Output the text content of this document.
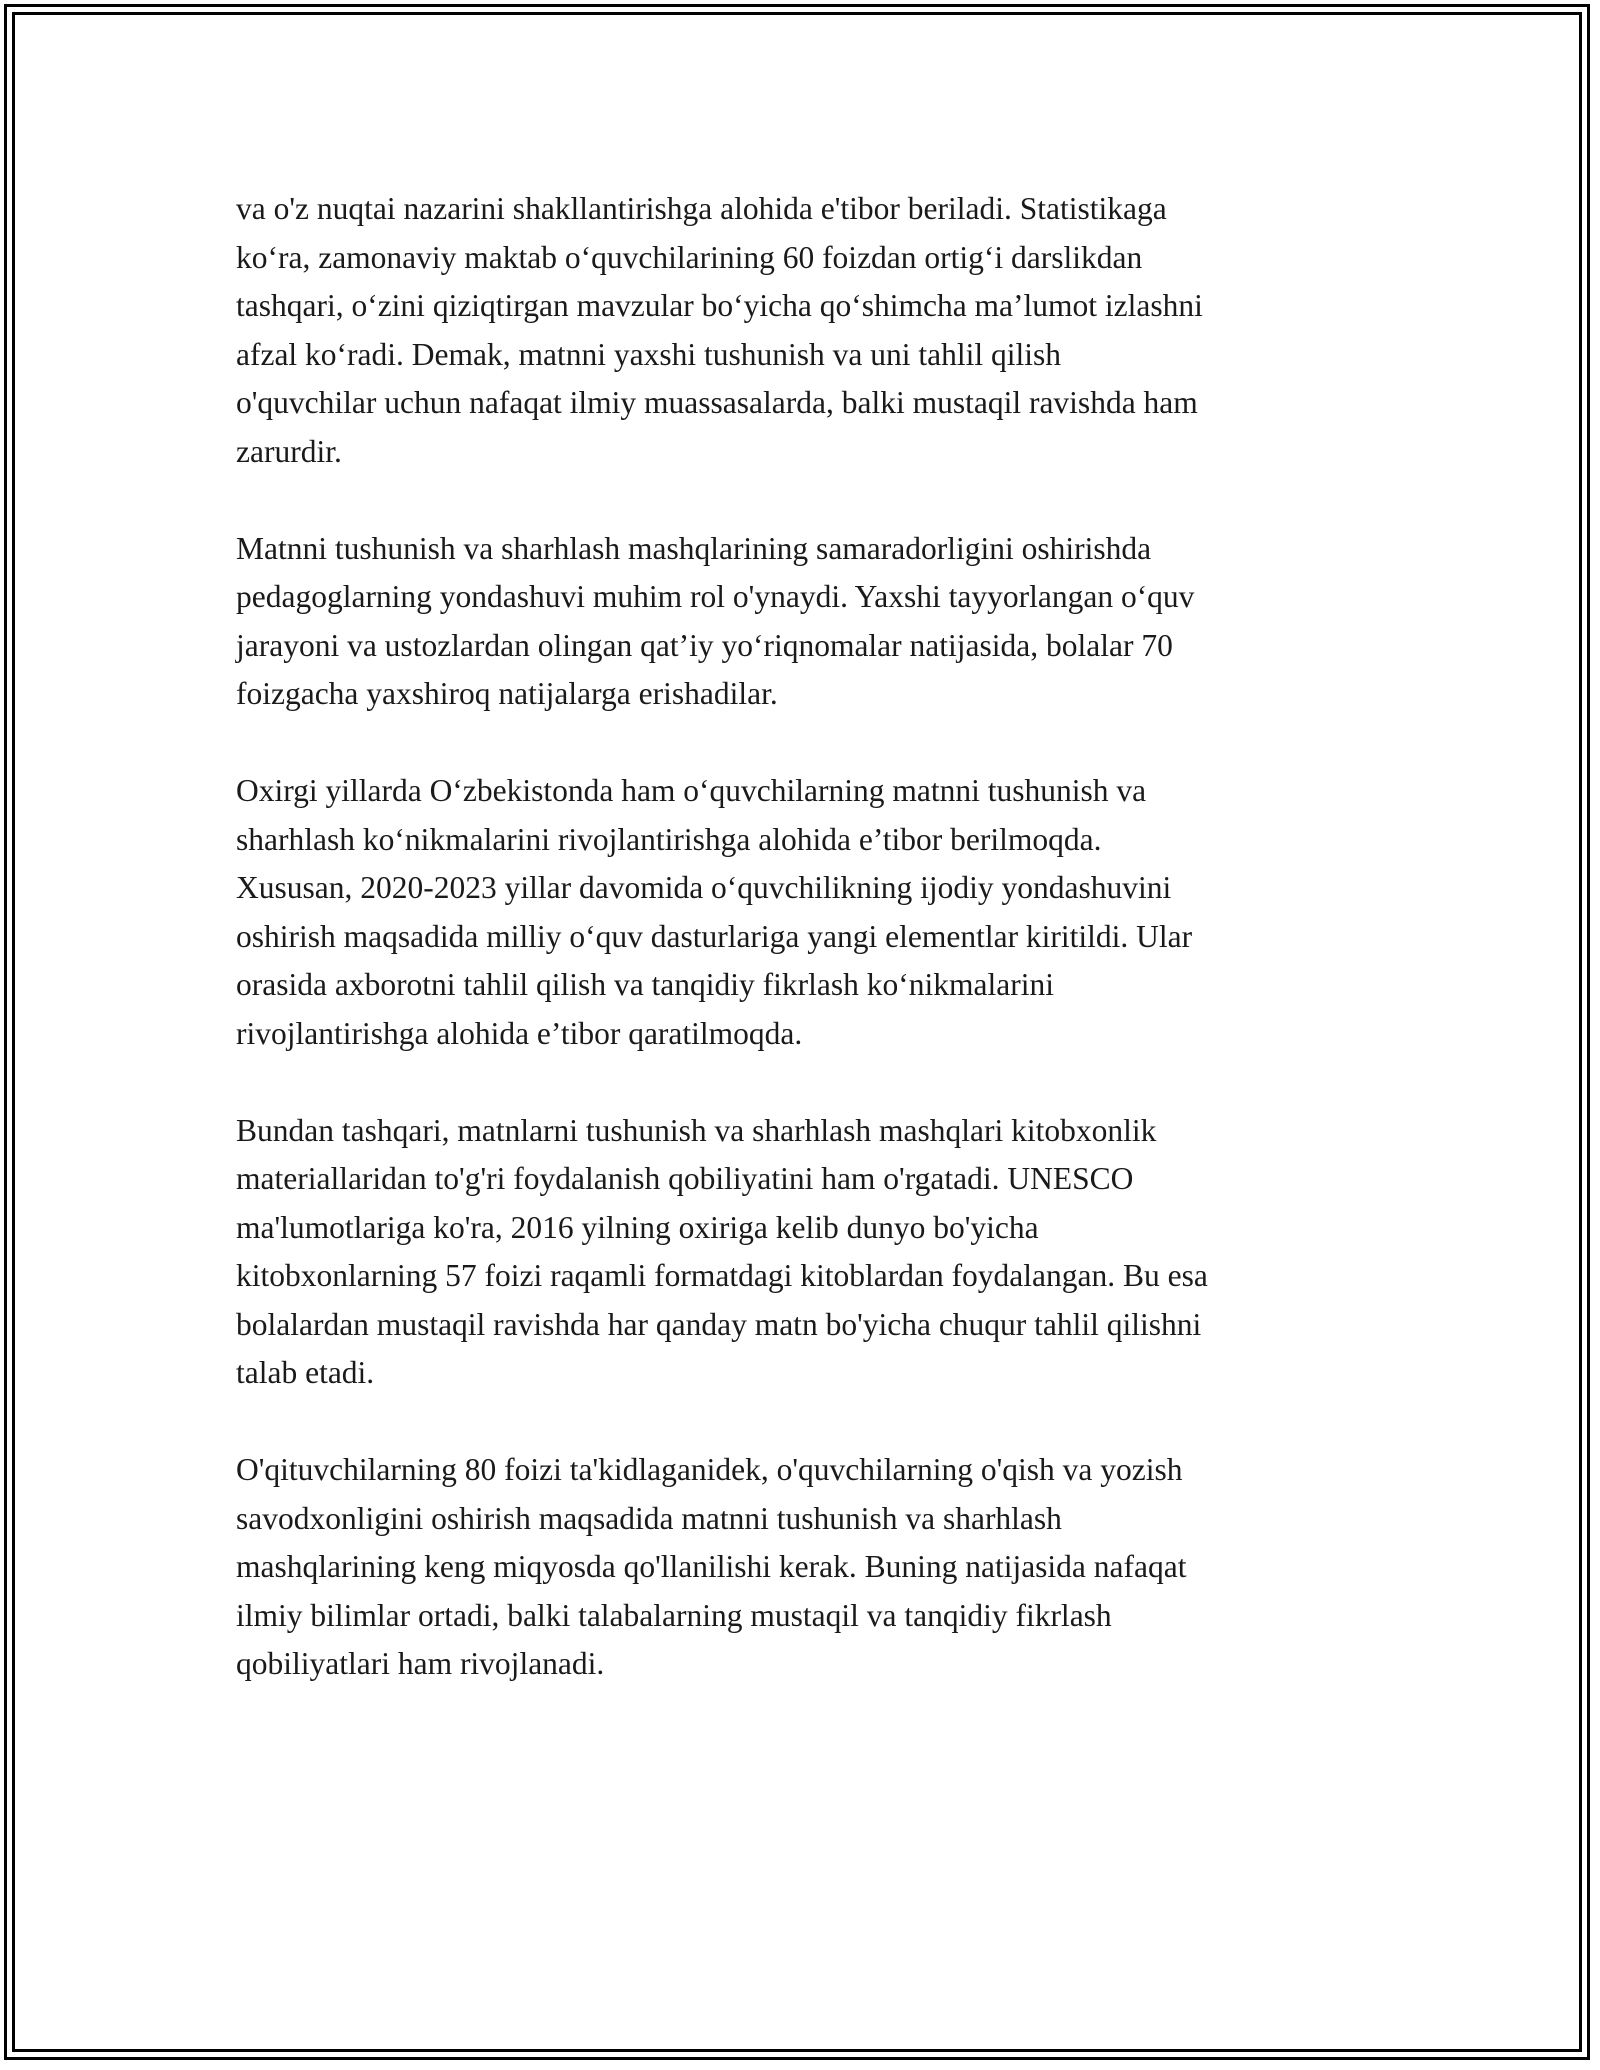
va o'z nuqtai nazarini shakllantirishga alohida e'tibor beriladi. Statistikaga
ko‘ra, zamonaviy maktab o‘quvchilarining 60 foizdan ortig‘i darslikdan
tashqari, o‘zini qiziqtirgan mavzular bo‘yicha qo‘shimcha ma’lumot izlashni
afzal ko‘radi. Demak, matnni yaxshi tushunish va uni tahlil qilish
o'quvchilar uchun nafaqat ilmiy muassasalarda, balki mustaqil ravishda ham
zarurdir.

Matnni tushunish va sharhlash mashqlarining samaradorligini oshirishda
pedagoglarning yondashuvi muhim rol o'ynaydi. Yaxshi tayyorlangan o‘quv
jarayoni va ustozlardan olingan qat’iy yo‘riqnomalar natijasida, bolalar 70
foizgacha yaxshiroq natijalarga erishadilar.

Oxirgi yillarda O‘zbekistonda ham o‘quvchilarning matnni tushunish va
sharhlash ko‘nikmalarini rivojlantirishga alohida e’tibor berilmoqda.
Xususan, 2020-2023 yillar davomida o‘quvchilikning ijodiy yondashuvini
oshirish maqsadida milliy o‘quv dasturlariga yangi elementlar kiritildi. Ular
orasida axborotni tahlil qilish va tanqidiy fikrlash ko‘nikmalarini
rivojlantirishga alohida e’tibor qaratilmoqda.

Bundan tashqari, matnlarni tushunish va sharhlash mashqlari kitobxonlik
materiallaridan to'g'ri foydalanish qobiliyatini ham o'rgatadi. UNESCO
ma'lumotlariga ko'ra, 2016 yilning oxiriga kelib dunyo bo'yicha
kitobxonlarning 57 foizi raqamli formatdagi kitoblardan foydalangan. Bu esa
bolalardan mustaqil ravishda har qanday matn bo'yicha chuqur tahlil qilishni
talab etadi.

O'qituvchilarning 80 foizi ta'kidlaganidek, o'quvchilarning o'qish va yozish
savodxonligini oshirish maqsadida matnni tushunish va sharhlash
mashqlarining keng miqyosda qo'llanilishi kerak. Buning natijasida nafaqat
ilmiy bilimlar ortadi, balki talabalarning mustaqil va tanqidiy fikrlash
qobiliyatlari ham rivojlanadi.
